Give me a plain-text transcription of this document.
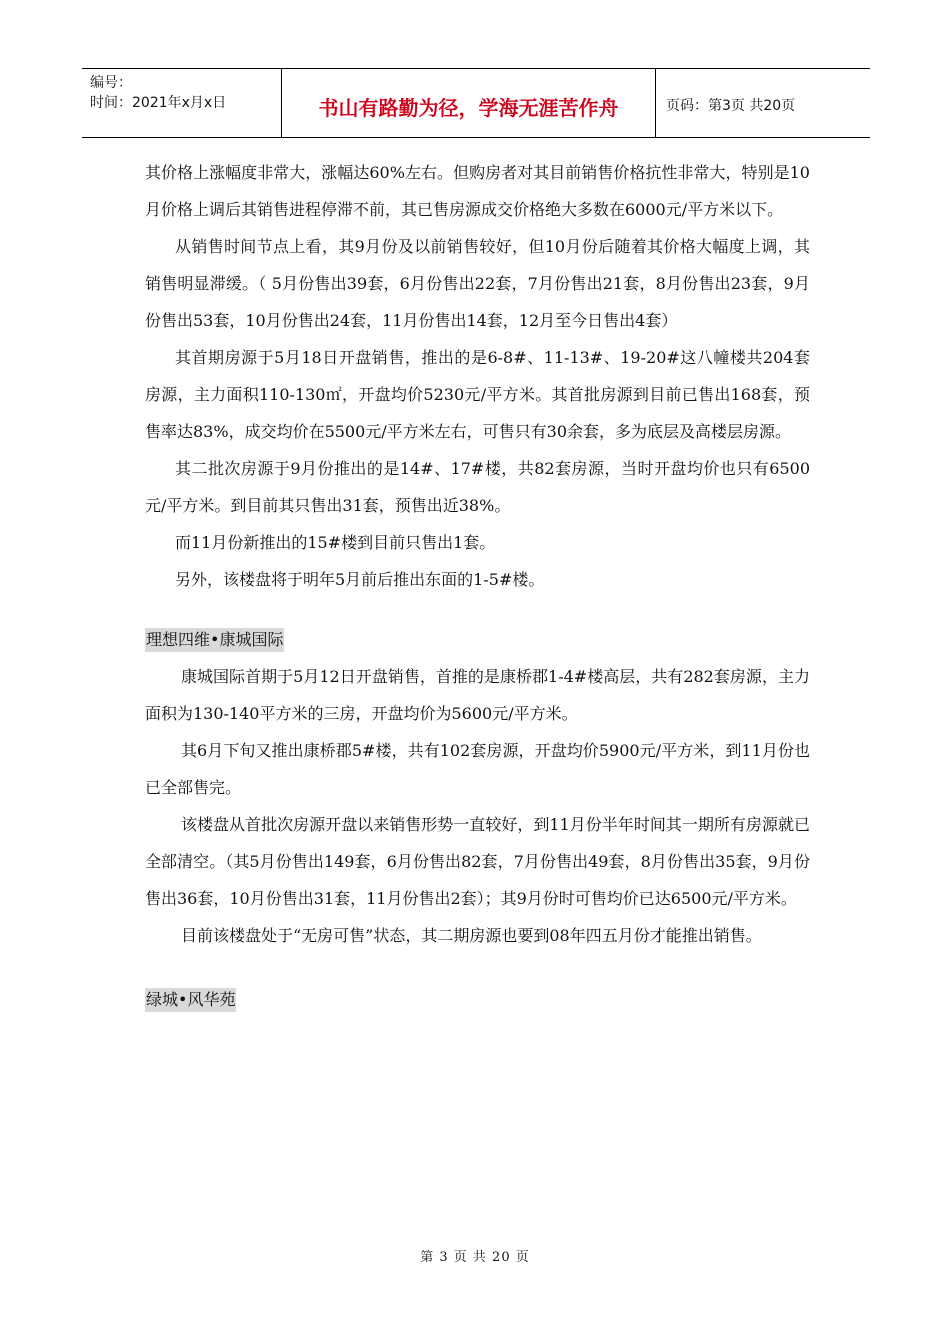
编号：
时间：2021年x月x日	书山有路勤为径，学海无涯苦作舟	页码：第3页 共20页

其价格上涨幅度非常大，涨幅达60%左右。但购房者对其目前销售价格抗性非常大，特别是10月价格上调后其销售进程停滞不前，其已售房源成交价格绝大多数在6000元/平方米以下。

从销售时间节点上看，其9月份及以前销售较好，但10月份后随着其价格大幅度上调，其销售明显滞缓。（ 5月份售出39套，6月份售出22套，7月份售出21套，8月份售出23套，9月份售出53套，10月份售出24套，11月份售出14套，12月至今日售出4套）

其首期房源于5月18日开盘销售，推出的是6-8#、11-13#、19-20#这八幢楼共204套房源，主力面积110-130㎡，开盘均价5230元/平方米。其首批房源到目前已售出168套，预售率达83%，成交均价在5500元/平方米左右，可售只有30余套，多为底层及高楼层房源。

其二批次房源于9月份推出的是14#、17#楼，共82套房源，当时开盘均价也只有6500元/平方米。到目前其只售出31套，预售出近38%。

而11月份新推出的15#楼到目前只售出1套。

另外，该楼盘将于明年5月前后推出东面的1-5#楼。

理想四维•康城国际

康城国际首期于5月12日开盘销售，首推的是康桥郡1-4#楼高层，共有282套房源，主力面积为130-140平方米的三房，开盘均价为5600元/平方米。

其6月下旬又推出康桥郡5#楼，共有102套房源，开盘均价5900元/平方米，到11月份也已全部售完。

该楼盘从首批次房源开盘以来销售形势一直较好，到11月份半年时间其一期所有房源就已全部清空。（其5月份售出149套，6月份售出82套，7月份售出49套，8月份售出35套，9月份售出36套，10月份售出31套，11月份售出2套）；其9月份时可售均价已达6500元/平方米。

目前该楼盘处于“无房可售”状态，其二期房源也要到08年四五月份才能推出销售。

绿城•风华苑
第 3 页 共 20 页
